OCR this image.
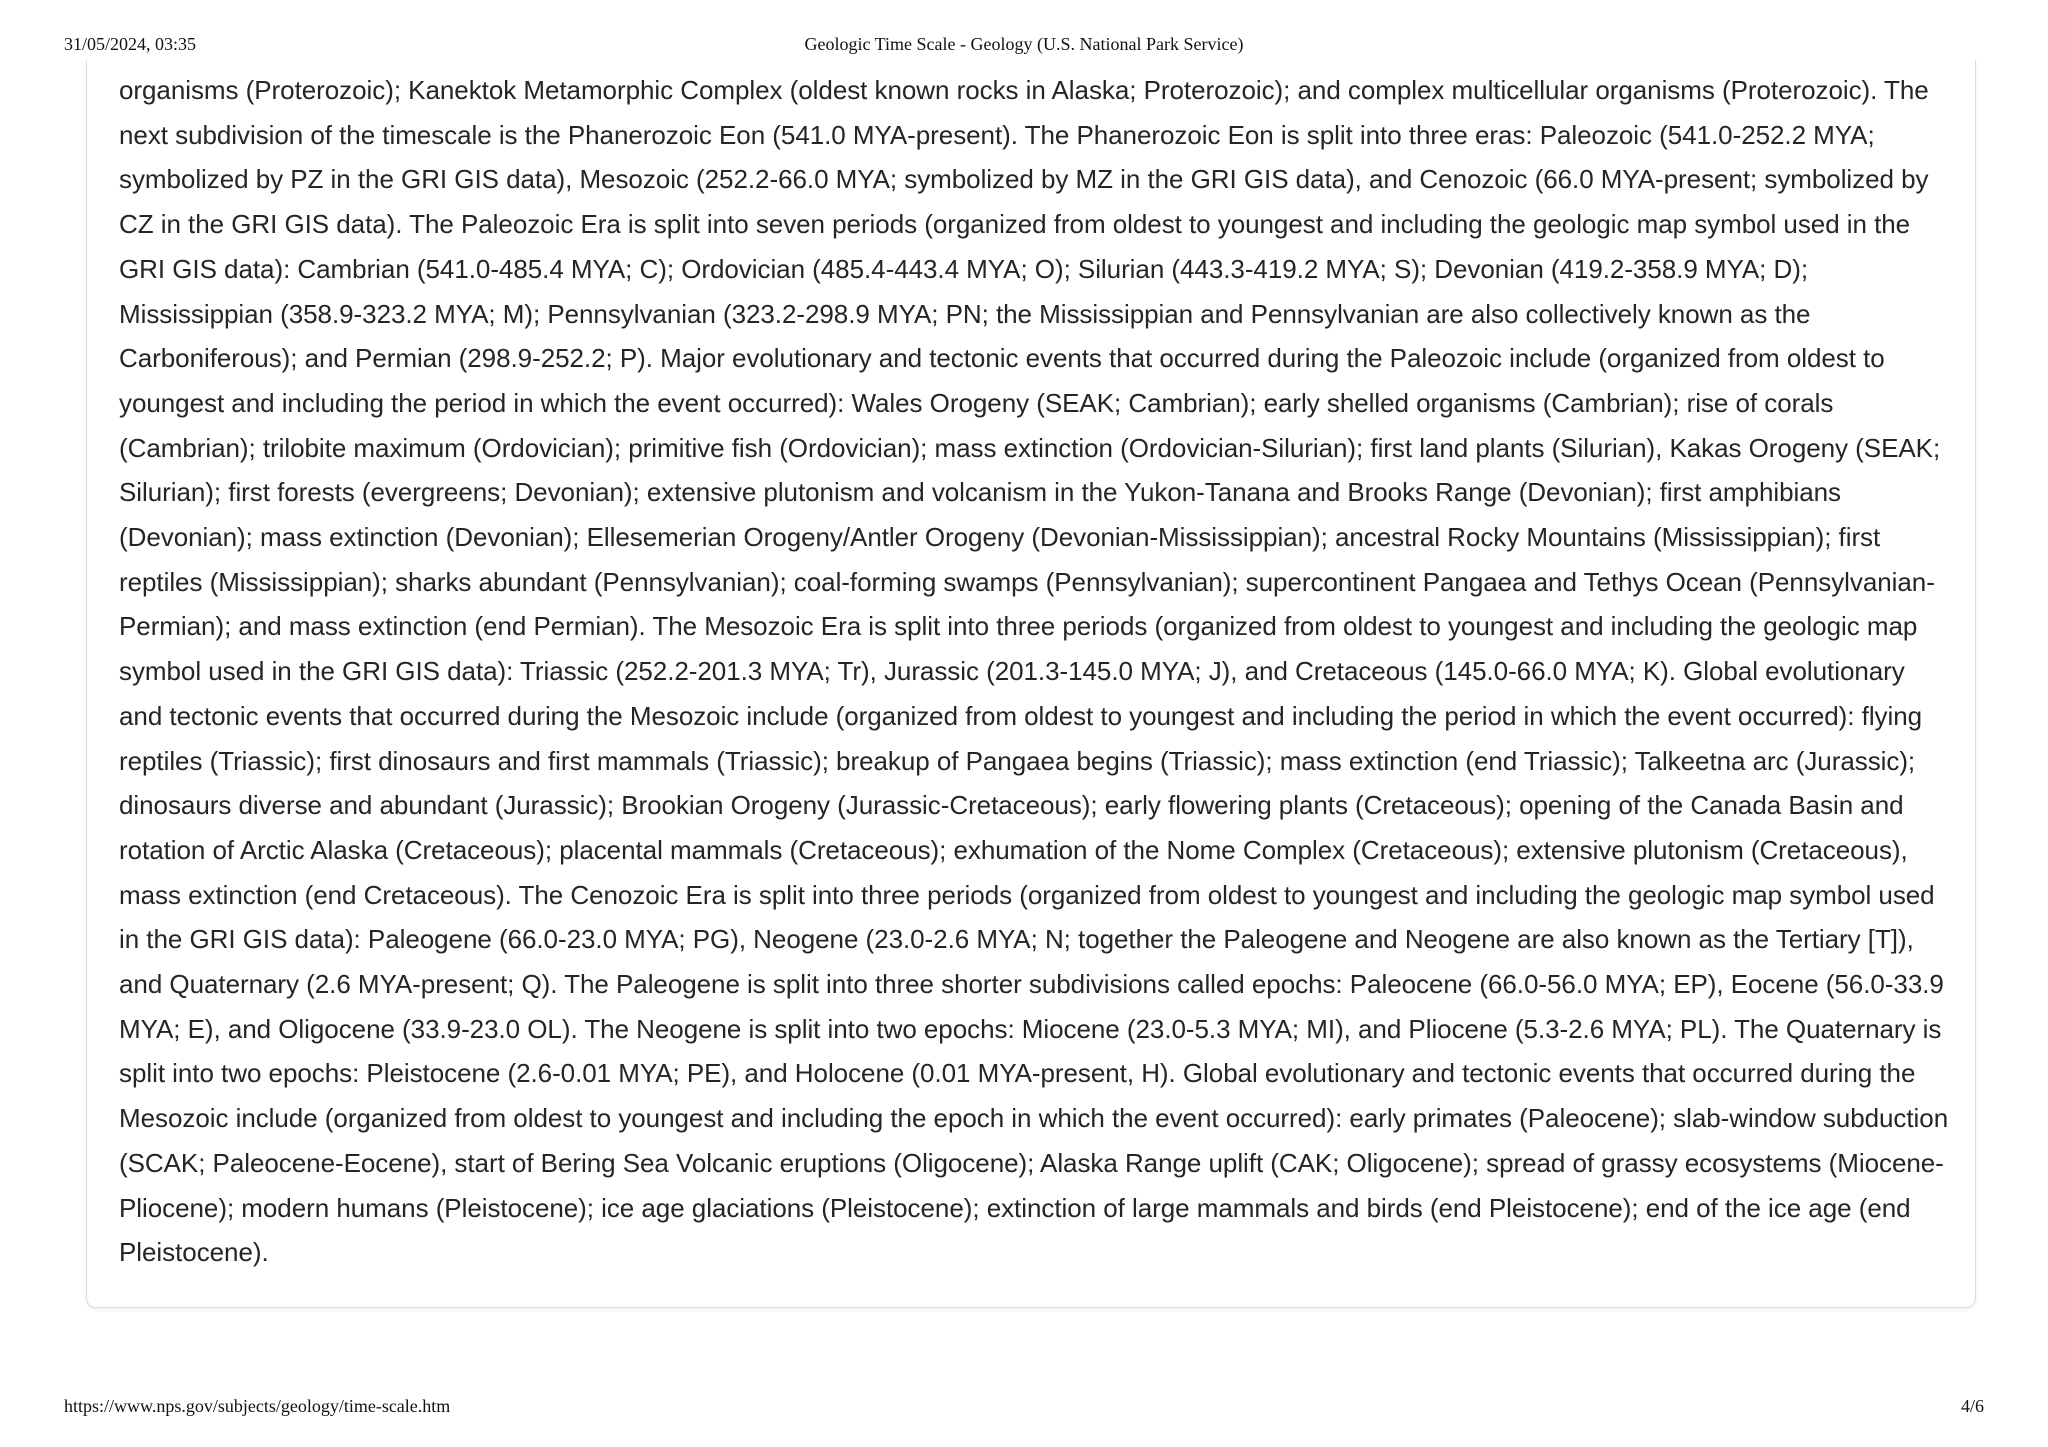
31/05/2024, 03:35	Geologic Time Scale - Geology (U.S. National Park Service)

organisms (Proterozoic); Kanektok Metamorphic Complex (oldest known rocks in Alaska; Proterozoic); and complex multicellular organisms (Proterozoic). The next subdivision of the timescale is the Phanerozoic Eon (541.0 MYA-present). The Phanerozoic Eon is split into three eras: Paleozoic (541.0-252.2 MYA; symbolized by PZ in the GRI GIS data), Mesozoic (252.2-66.0 MYA; symbolized by MZ in the GRI GIS data), and Cenozoic (66.0 MYA-present; symbolized by CZ in the GRI GIS data). The Paleozoic Era is split into seven periods (organized from oldest to youngest and including the geologic map symbol used in the GRI GIS data): Cambrian (541.0-485.4 MYA; C); Ordovician (485.4-443.4 MYA; O); Silurian (443.3-419.2 MYA; S); Devonian (419.2-358.9 MYA; D); Mississippian (358.9-323.2 MYA; M); Pennsylvanian (323.2-298.9 MYA; PN; the Mississippian and Pennsylvanian are also collectively known as the Carboniferous); and Permian (298.9-252.2; P). Major evolutionary and tectonic events that occurred during the Paleozoic include (organized from oldest to youngest and including the period in which the event occurred): Wales Orogeny (SEAK; Cambrian); early shelled organisms (Cambrian); rise of corals (Cambrian); trilobite maximum (Ordovician); primitive fish (Ordovician); mass extinction (Ordovician-Silurian); first land plants (Silurian), Kakas Orogeny (SEAK; Silurian); first forests (evergreens; Devonian); extensive plutonism and volcanism in the Yukon-Tanana and Brooks Range (Devonian); first amphibians (Devonian); mass extinction (Devonian); Ellesemerian Orogeny/Antler Orogeny (Devonian-Mississippian); ancestral Rocky Mountains (Mississippian); first reptiles (Mississippian); sharks abundant (Pennsylvanian); coal-forming swamps (Pennsylvanian); supercontinent Pangaea and Tethys Ocean (Pennsylvanian-Permian); and mass extinction (end Permian). The Mesozoic Era is split into three periods (organized from oldest to youngest and including the geologic map symbol used in the GRI GIS data): Triassic (252.2-201.3 MYA; Tr), Jurassic (201.3-145.0 MYA; J), and Cretaceous (145.0-66.0 MYA; K). Global evolutionary and tectonic events that occurred during the Mesozoic include (organized from oldest to youngest and including the period in which the event occurred): flying reptiles (Triassic); first dinosaurs and first mammals (Triassic); breakup of Pangaea begins (Triassic); mass extinction (end Triassic); Talkeetna arc (Jurassic); dinosaurs diverse and abundant (Jurassic); Brookian Orogeny (Jurassic-Cretaceous); early flowering plants (Cretaceous); opening of the Canada Basin and rotation of Arctic Alaska (Cretaceous); placental mammals (Cretaceous); exhumation of the Nome Complex (Cretaceous); extensive plutonism (Cretaceous), mass extinction (end Cretaceous). The Cenozoic Era is split into three periods (organized from oldest to youngest and including the geologic map symbol used in the GRI GIS data): Paleogene (66.0-23.0 MYA; PG), Neogene (23.0-2.6 MYA; N; together the Paleogene and Neogene are also known as the Tertiary [T]), and Quaternary (2.6 MYA-present; Q). The Paleogene is split into three shorter subdivisions called epochs: Paleocene (66.0-56.0 MYA; EP), Eocene (56.0-33.9 MYA; E), and Oligocene (33.9-23.0 OL). The Neogene is split into two epochs: Miocene (23.0-5.3 MYA; MI), and Pliocene (5.3-2.6 MYA; PL). The Quaternary is split into two epochs: Pleistocene (2.6-0.01 MYA; PE), and Holocene (0.01 MYA-present, H). Global evolutionary and tectonic events that occurred during the Mesozoic include (organized from oldest to youngest and including the epoch in which the event occurred): early primates (Paleocene); slab-window subduction (SCAK; Paleocene-Eocene), start of Bering Sea Volcanic eruptions (Oligocene); Alaska Range uplift (CAK; Oligocene); spread of grassy ecosystems (Miocene-Pliocene); modern humans (Pleistocene); ice age glaciations (Pleistocene); extinction of large mammals and birds (end Pleistocene); end of the ice age (end Pleistocene).

https://www.nps.gov/subjects/geology/time-scale.htm	4/6
